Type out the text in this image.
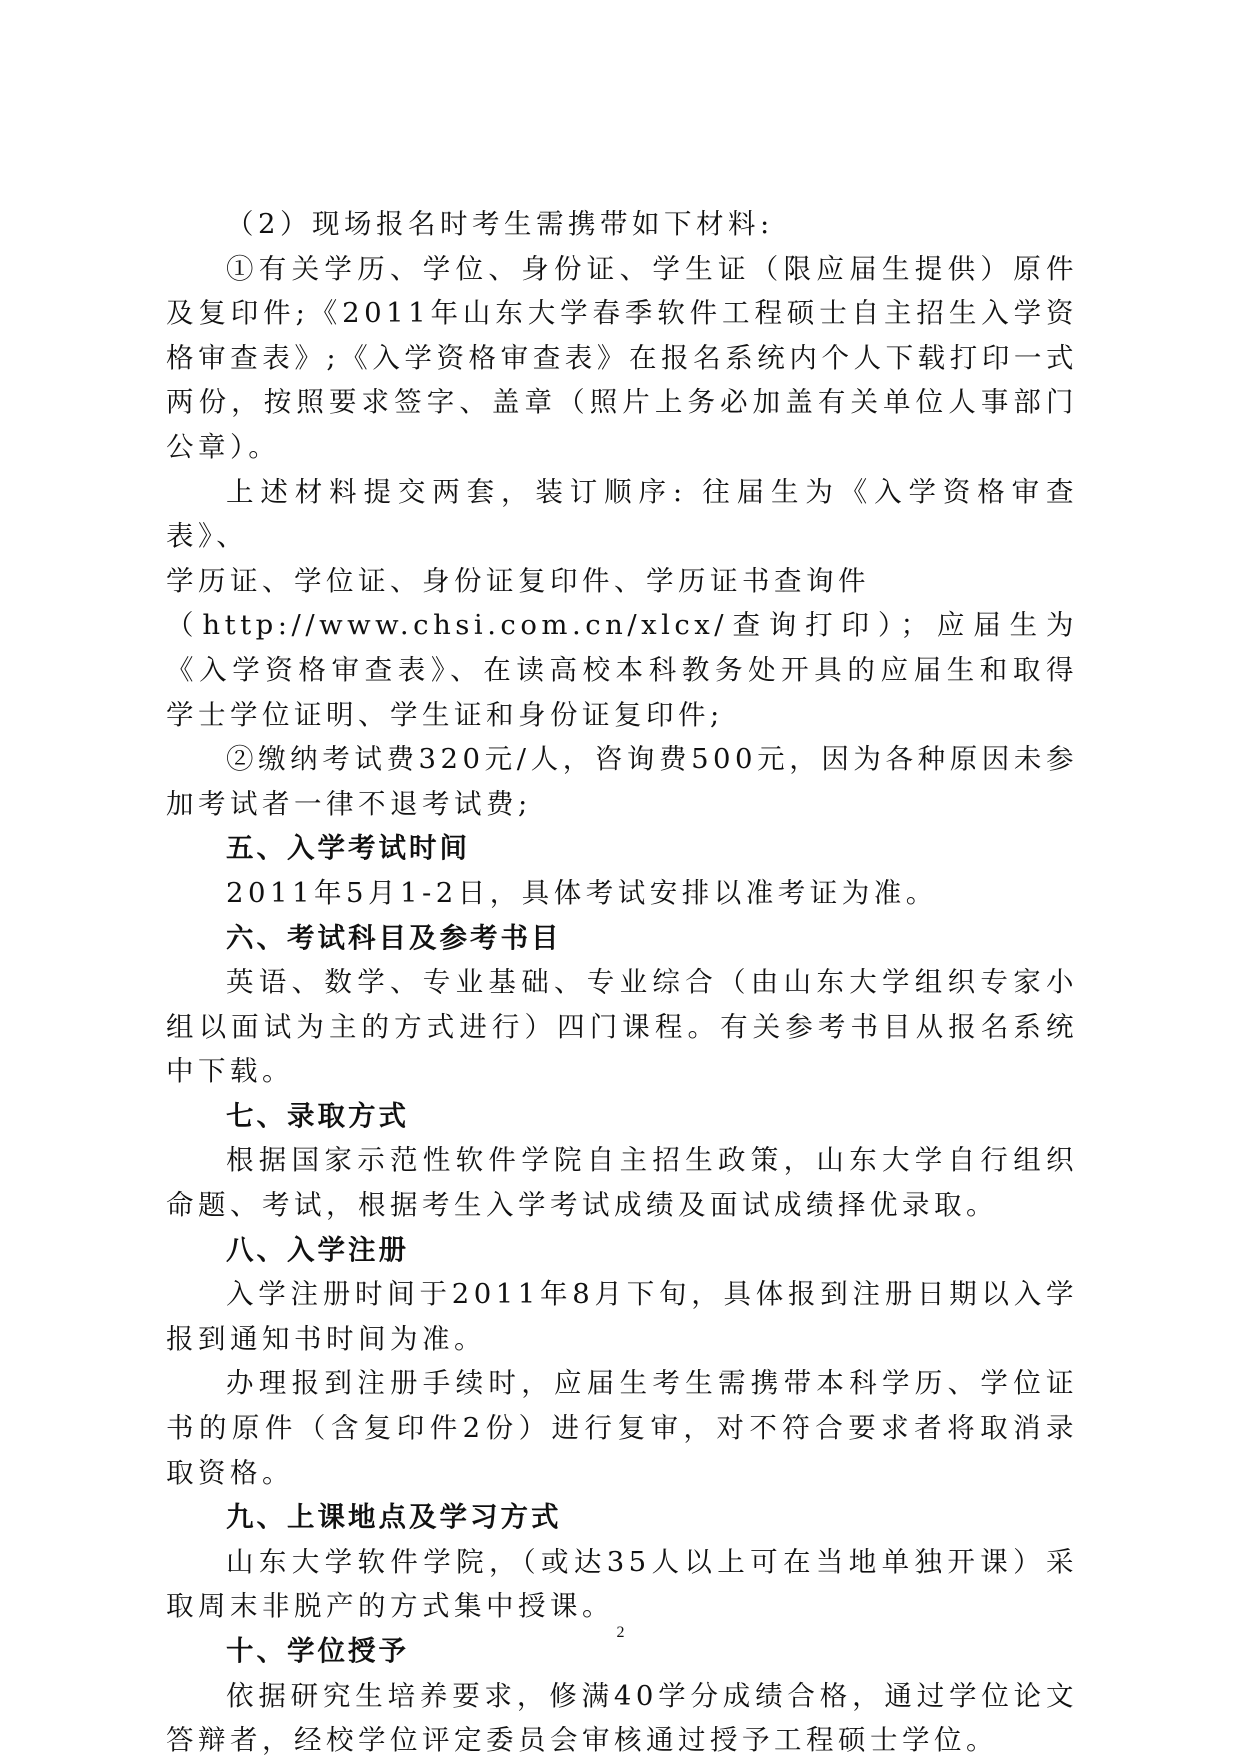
（2）现场报名时考生需携带如下材料:

①有关学历、学位、身份证、学生证（限应届生提供）原件及复印件;《2011年山东大学春季软件工程硕士自主招生入学资格审查表》;《入学资格审查表》在报名系统内个人下载打印一式两份，按照要求签字、盖章（照片上务必加盖有关单位人事部门公章）。

上述材料提交两套，装订顺序: 往届生为《入学资格审查表》、

学历证、学位证、身份证复印件、学历证书查询件

（http://www.chsi.com.cn/xlcx/查询打印）；应届生为《入学资格审查表》、在读高校本科教务处开具的应届生和取得学士学位证明、学生证和身份证复印件;

②缴纳考试费320元/人，咨询费500元，因为各种原因未参加考试者一律不退考试费;

五、入学考试时间

2011年5月1-2日，具体考试安排以准考证为准。

六、考试科目及参考书目

英语、数学、专业基础、专业综合（由山东大学组织专家小组以面试为主的方式进行）四门课程。有关参考书目从报名系统中下载。

七、录取方式

根据国家示范性软件学院自主招生政策，山东大学自行组织命题、考试，根据考生入学考试成绩及面试成绩择优录取。

八、入学注册

入学注册时间于2011年8月下旬，具体报到注册日期以入学报到通知书时间为准。

办理报到注册手续时，应届生考生需携带本科学历、学位证书的原件（含复印件2份）进行复审，对不符合要求者将取消录取资格。

九、上课地点及学习方式

山东大学软件学院，（或达35人以上可在当地单独开课）采取周末非脱产的方式集中授课。

十、学位授予

依据研究生培养要求，修满40学分成绩合格，通过学位论文答辩者，经校学位评定委员会审核通过授予工程硕士学位。

2
